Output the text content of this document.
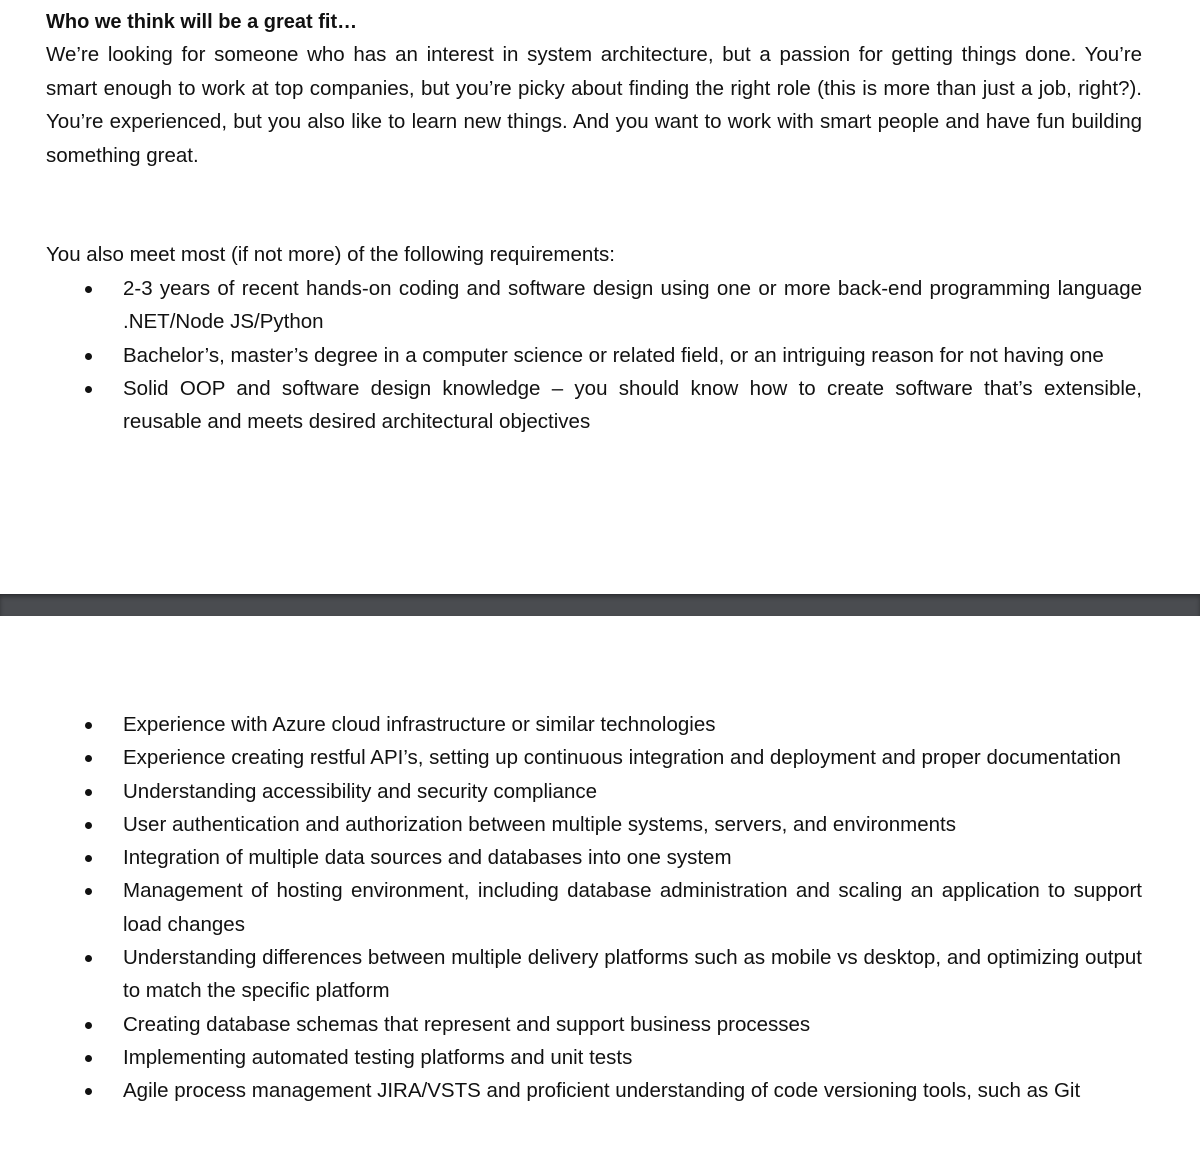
Who we think will be a great fit…

We’re looking for someone who has an interest in system architecture, but a passion for getting things done. You’re smart enough to work at top companies, but you’re picky about finding the right role (this is more than just a job, right?). You’re experienced, but you also like to learn new things. And you want to work with smart people and have fun building something great.

You also meet most (if not more) of the following requirements:

2-3 years of recent hands-on coding and software design using one or more back-end programming language .NET/Node JS/Python
Bachelor’s, master’s degree in a computer science or related field, or an intriguing reason for not having one
Solid OOP and software design knowledge – you should know how to create software that’s extensible, reusable and meets desired architectural objectives
Experience with Azure cloud infrastructure or similar technologies
Experience creating restful API’s, setting up continuous integration and deployment and proper documentation
Understanding accessibility and security compliance
User authentication and authorization between multiple systems, servers, and environments
Integration of multiple data sources and databases into one system
Management of hosting environment, including database administration and scaling an application to support load changes
Understanding differences between multiple delivery platforms such as mobile vs desktop, and optimizing output to match the specific platform
Creating database schemas that represent and support business processes
Implementing automated testing platforms and unit tests
Agile process management JIRA/VSTS and proficient understanding of code versioning tools, such as Git
